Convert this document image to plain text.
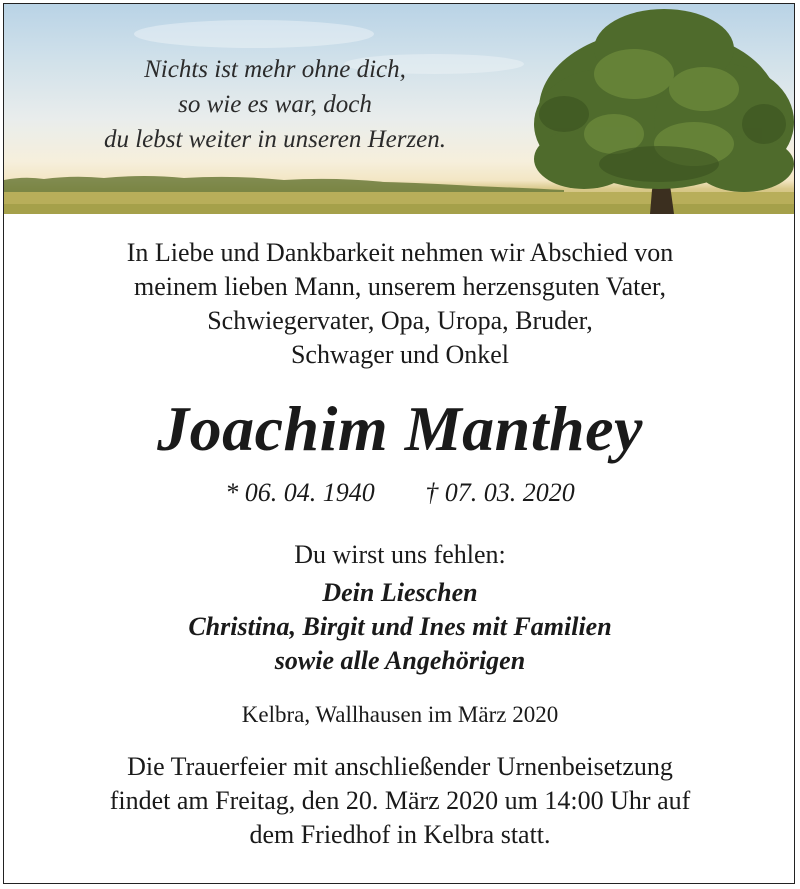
Nichts ist mehr ohne dich,
so wie es war, doch
du lebst weiter in unseren Herzen.
In Liebe und Dankbarkeit nehmen wir Abschied von
meinem lieben Mann, unserem herzensguten Vater,
Schwiegervater, Opa, Uropa, Bruder,
Schwager und Onkel
Joachim Manthey
* 06. 04. 1940 † 07. 03. 2020
Du wirst uns fehlen:
Dein Lieschen
Christina, Birgit und Ines mit Familien
sowie alle Angehörigen
Kelbra, Wallhausen im März 2020
Die Trauerfeier mit anschließender Urnenbeisetzung
findet am Freitag, den 20. März 2020 um 14:00 Uhr auf
dem Friedhof in Kelbra statt.
